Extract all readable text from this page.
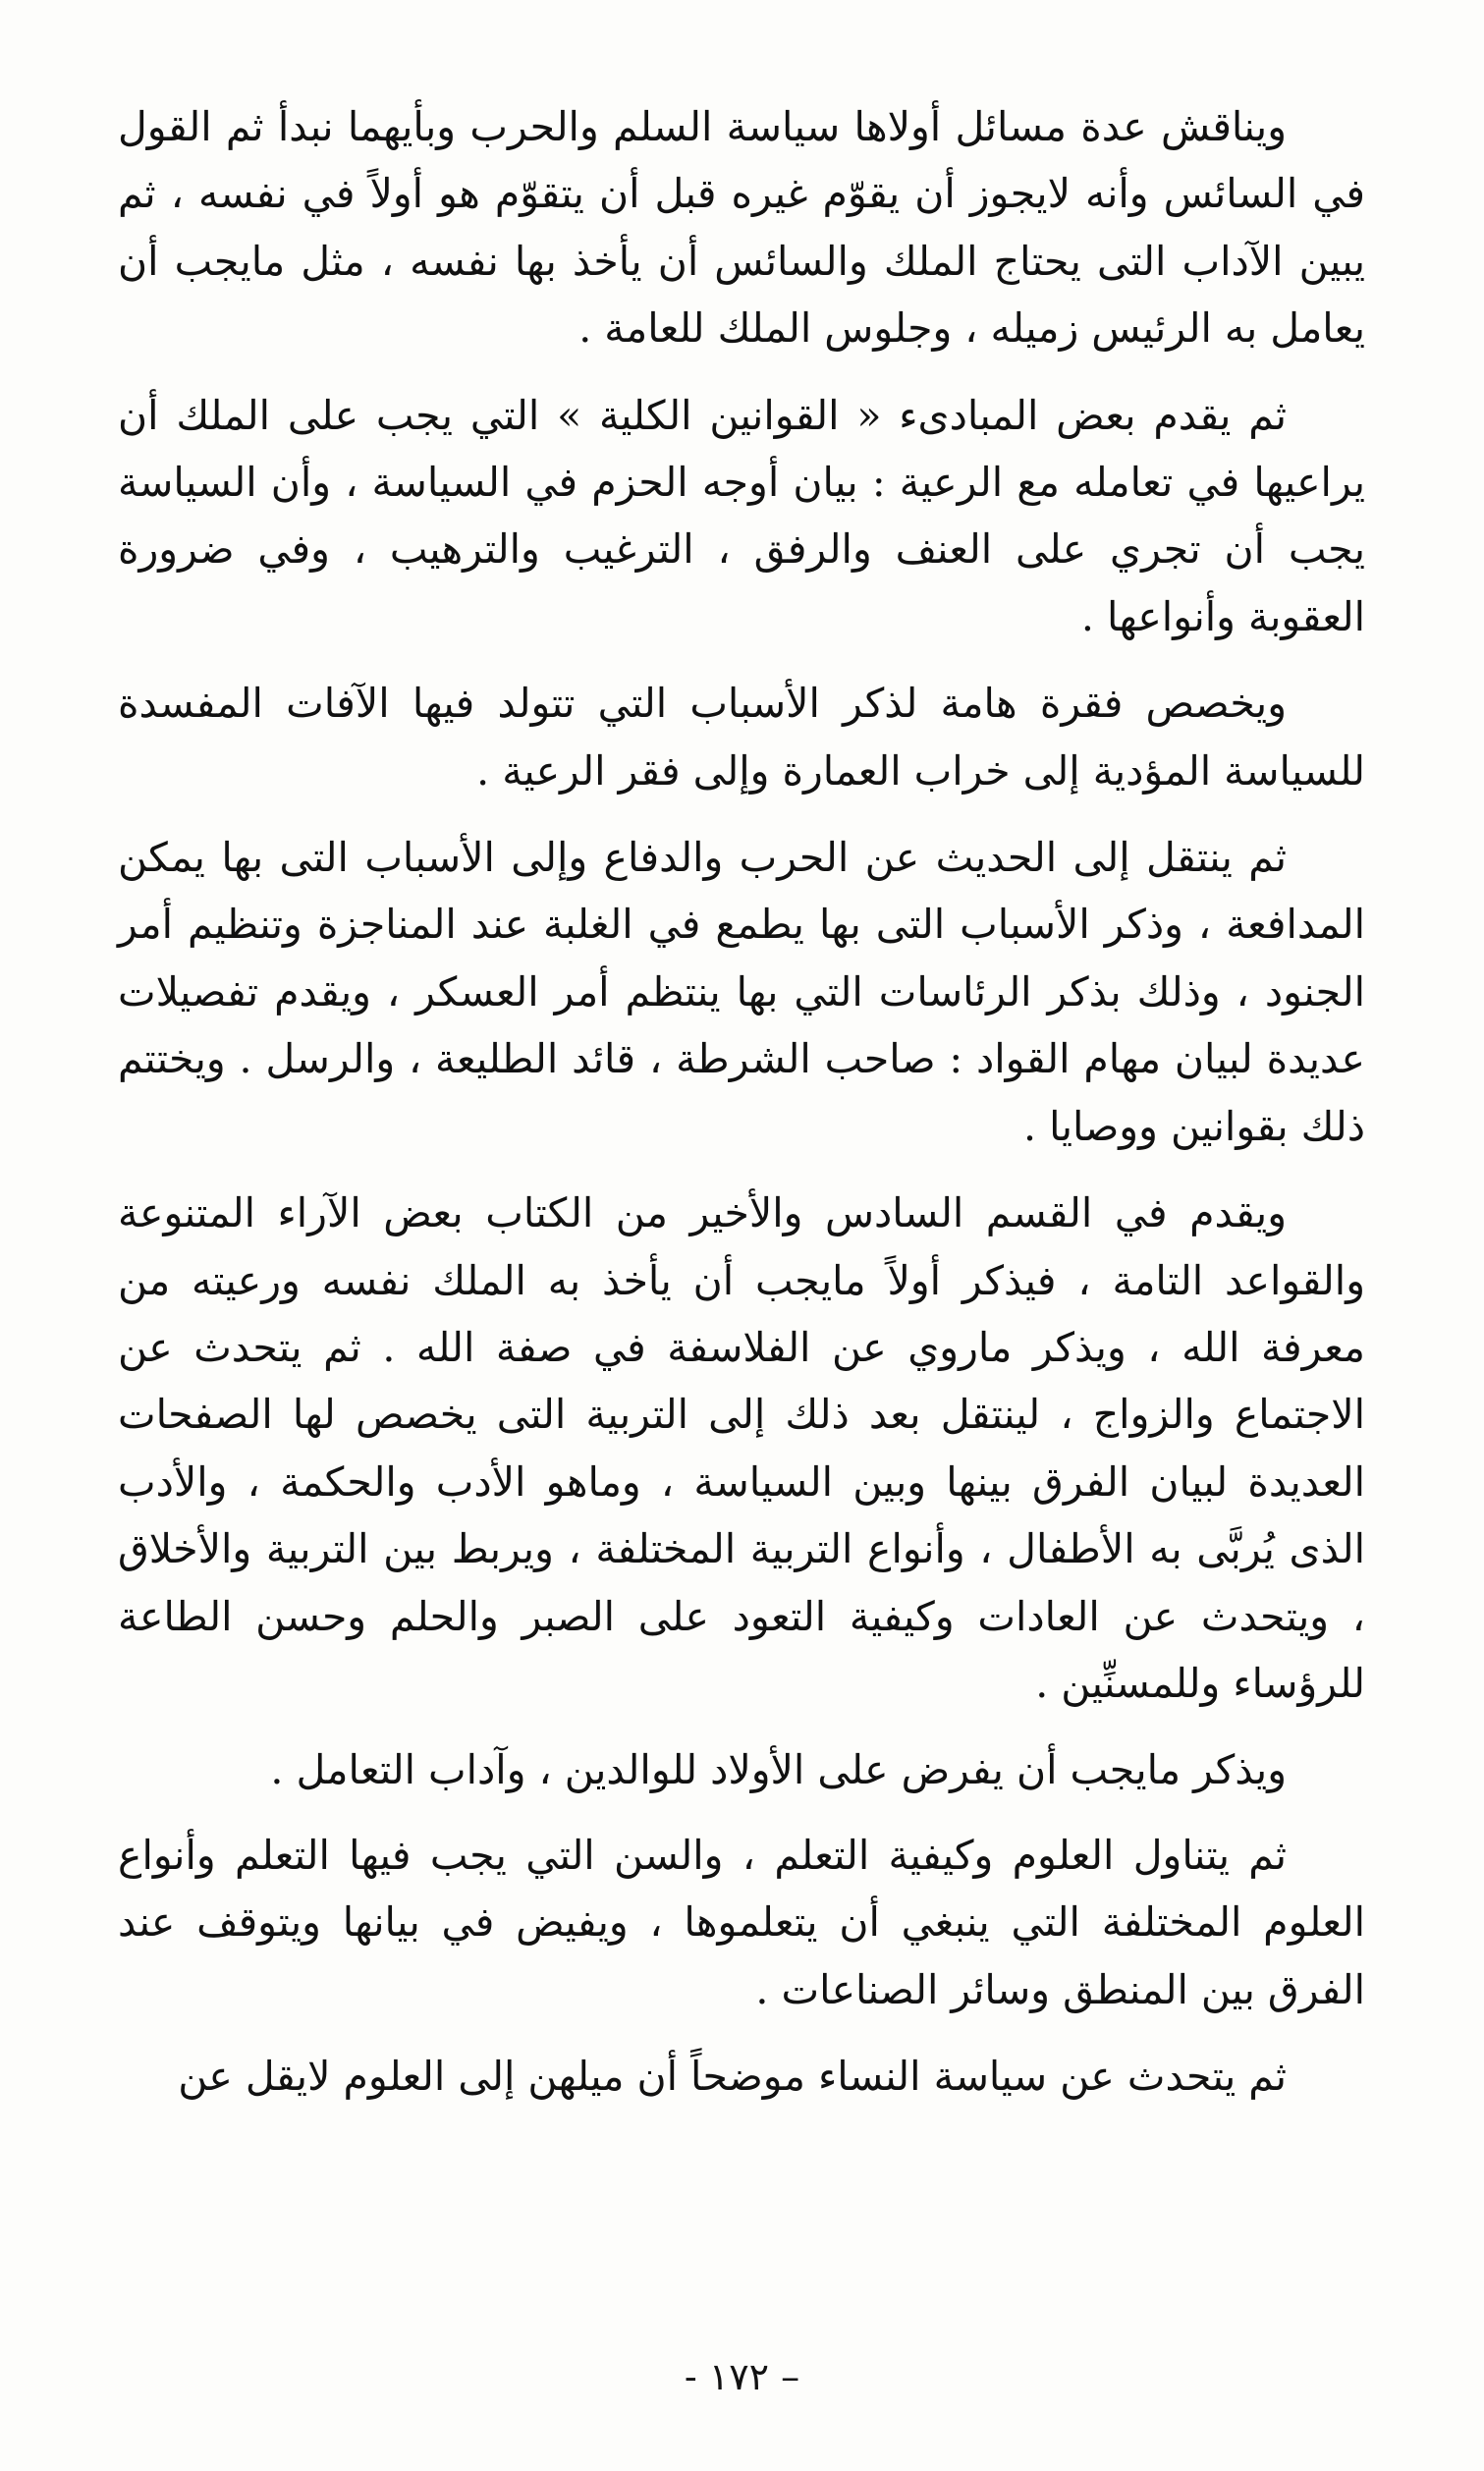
ويناقش عدة مسائل أولاها سياسة السلم والحرب وبأيهما نبدأ ثم القول في السائس وأنه لايجوز أن يقوّم غيره قبل أن يتقوّم هو أولاً في نفسه ، ثم يبين الآداب التى يحتاج الملك والسائس أن يأخذ بها نفسه ، مثل مايجب أن يعامل به الرئيس زميله ، وجلوس الملك للعامة .

ثم يقدم بعض المبادىء « القوانين الكلية » التي يجب على الملك أن يراعيها في تعامله مع الرعية : بيان أوجه الحزم في السياسة ، وأن السياسة يجب أن تجري على العنف والرفق ، الترغيب والترهيب ، وفي ضرورة العقوبة وأنواعها .

ويخصص فقرة هامة لذكر الأسباب التي تتولد فيها الآفات المفسدة للسياسة المؤدية إلى خراب العمارة وإلى فقر الرعية .

ثم ينتقل إلى الحديث عن الحرب والدفاع وإلى الأسباب التى بها يمكن المدافعة ، وذكر الأسباب التى بها يطمع في الغلبة عند المناجزة وتنظيم أمر الجنود ، وذلك بذكر الرئاسات التي بها ينتظم أمر العسكر ، ويقدم تفصيلات عديدة لبيان مهام القواد : صاحب الشرطة ، قائد الطليعة ، والرسل . ويختتم ذلك بقوانين ووصايا .

ويقدم في القسم السادس والأخير من الكتاب بعض الآراء المتنوعة والقواعد التامة ، فيذكر أولاً مايجب أن يأخذ به الملك نفسه ورعيته من معرفة الله ، ويذكر ماروي عن الفلاسفة في صفة الله . ثم يتحدث عن الاجتماع والزواج ، لينتقل بعد ذلك إلى التربية التى يخصص لها الصفحات العديدة لبيان الفرق بينها وبين السياسة ، وماهو الأدب والحكمة ، والأدب الذى يُربَّى به الأطفال ، وأنواع التربية المختلفة ، ويربط بين التربية والأخلاق ، ويتحدث عن العادات وكيفية التعود على الصبر والحلم وحسن الطاعة للرؤساء وللمسنِّين .

ويذكر مايجب أن يفرض على الأولاد للوالدين ، وآداب التعامل .

ثم يتناول العلوم وكيفية التعلم ، والسن التي يجب فيها التعلم وأنواع العلوم المختلفة التي ينبغي أن يتعلموها ، ويفيض في بيانها ويتوقف عند الفرق بين المنطق وسائر الصناعات .

ثم يتحدث عن سياسة النساء موضحاً أن ميلهن إلى العلوم لايقل عن

– ١٧٢ -
